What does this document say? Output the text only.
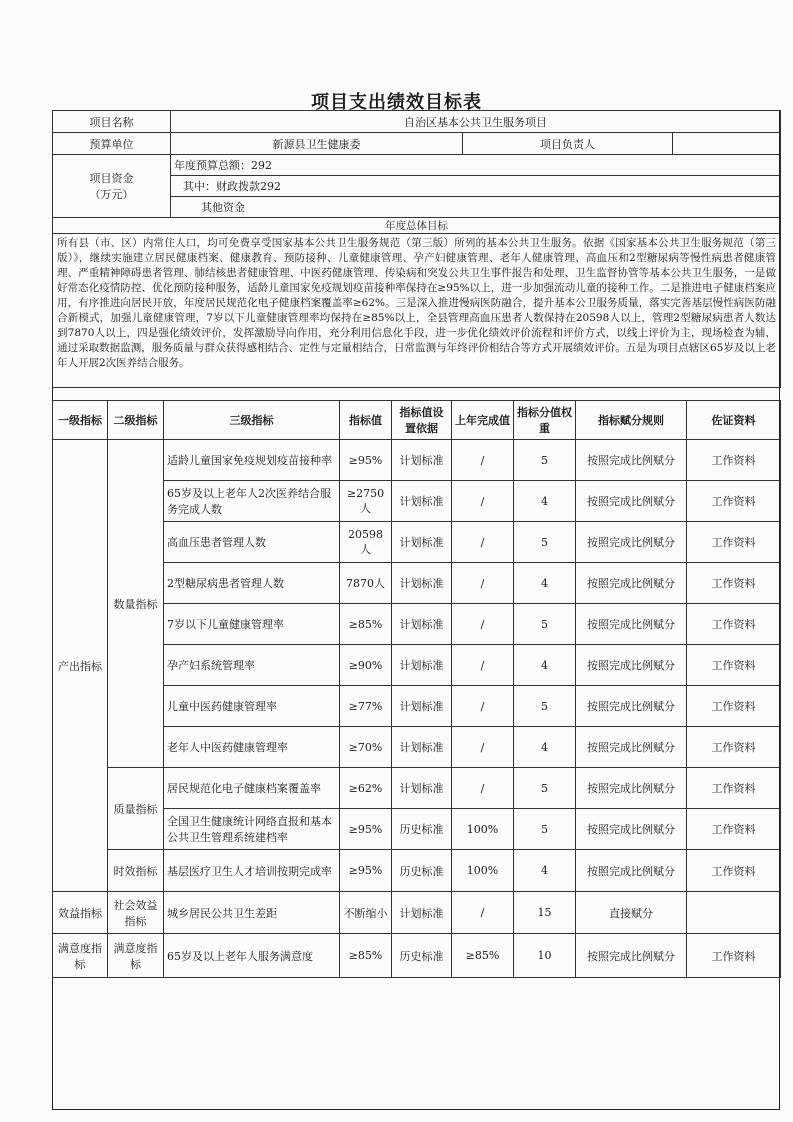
项目支出绩效目标表
项目名称	自治区基本公共卫生服务项目		
预算单位	新源县卫生健康委	项目负责人	

项目资金
（万元）	年度预算总额：292		
	其中：财政拨款292		
	其他资金		
年度总体目标			
所有县（市、区）内常住人口，均可免费享受国家基本公共卫生服务规范（第三版）所列的基本公共卫生服务。依据《国家基本公共卫生服务规范（第三版）》，继续实施建立居民健康档案、健康教育、预防接种、儿童健康管理、孕产妇健康管理、老年人健康管理、高血压和2型糖尿病等慢性病患者健康管理、严重精神障碍患者管理、肺结核患者健康管理、中医药健康管理、传染病和突发公共卫生事件报告和处理、卫生监督协管等基本公共卫生服务，一是做好常态化疫情防控、优化预防接种服务，适龄儿童国家免疫规划疫苗接种率保持在≥95%以上，进一步加强流动儿童的接种工作。二是推进电子健康档案应用，有序推进向居民开放，年度居民规范化电子健康档案覆盖率≥62%。三是深入推进慢病医防融合，提升基本公卫服务质量，落实完善基层慢性病医防融合新模式，加强儿童健康管理，7岁以下儿童健康管理率均保持在≥85%以上，全县管理高血压患者人数保持在20598人以上，管理2型糖尿病患者人数达到7870人以上，四是强化绩效评价，发挥激励导向作用，充分利用信息化手段，进一步优化绩效评价流程和评价方式，以线上评价为主，现场检查为辅，通过采取数据监测，服务质量与群众获得感相结合、定性与定量相结合，日常监测与年终评价相结合等方式开展绩效评价。五是为项目点辖区65岁及以上老年人开展2次医养结合服务。			
一级指标	二级指标	三级指标	指标值	指标值设置依据	上年完成值	指标分值权重	指标赋分规则	佐证资料
产出指标	数量指标	适龄儿童国家免疫规划疫苗接种率	≥95%	计划标准	/	5	按照完成比例赋分	工作资料
		65岁及以上老年人2次医养结合服务完成人数	≥2750人	计划标准	/	4	按照完成比例赋分	工作资料
		高血压患者管理人数	20598人	计划标准	/	5	按照完成比例赋分	工作资料
		2型糖尿病患者管理人数	7870人	计划标准	/	4	按照完成比例赋分	工作资料
		7岁以下儿童健康管理率	≥85%	计划标准	/	5	按照完成比例赋分	工作资料
		孕产妇系统管理率	≥90%	计划标准	/	4	按照完成比例赋分	工作资料
		儿童中医药健康管理率	≥77%	计划标准	/	5	按照完成比例赋分	工作资料
		老年人中医药健康管理率	≥70%	计划标准	/	4	按照完成比例赋分	工作资料
	质量指标	居民规范化电子健康档案覆盖率	≥62%	计划标准	/	5	按照完成比例赋分	工作资料
		全国卫生健康统计网络直报和基本公共卫生管理系统建档率	≥95%	历史标准	100%	5	按照完成比例赋分	工作资料
	时效指标	基层医疗卫生人才培训按期完成率	≥95%	历史标准	100%	4	按照完成比例赋分	工作资料
效益指标	社会效益指标	城乡居民公共卫生差距	不断缩小	计划标准	/	15	直接赋分	
满意度指标	满意度指标	65岁及以上老年人服务满意度	≥85%	历史标准	≥85%	10	按照完成比例赋分	工作资料
